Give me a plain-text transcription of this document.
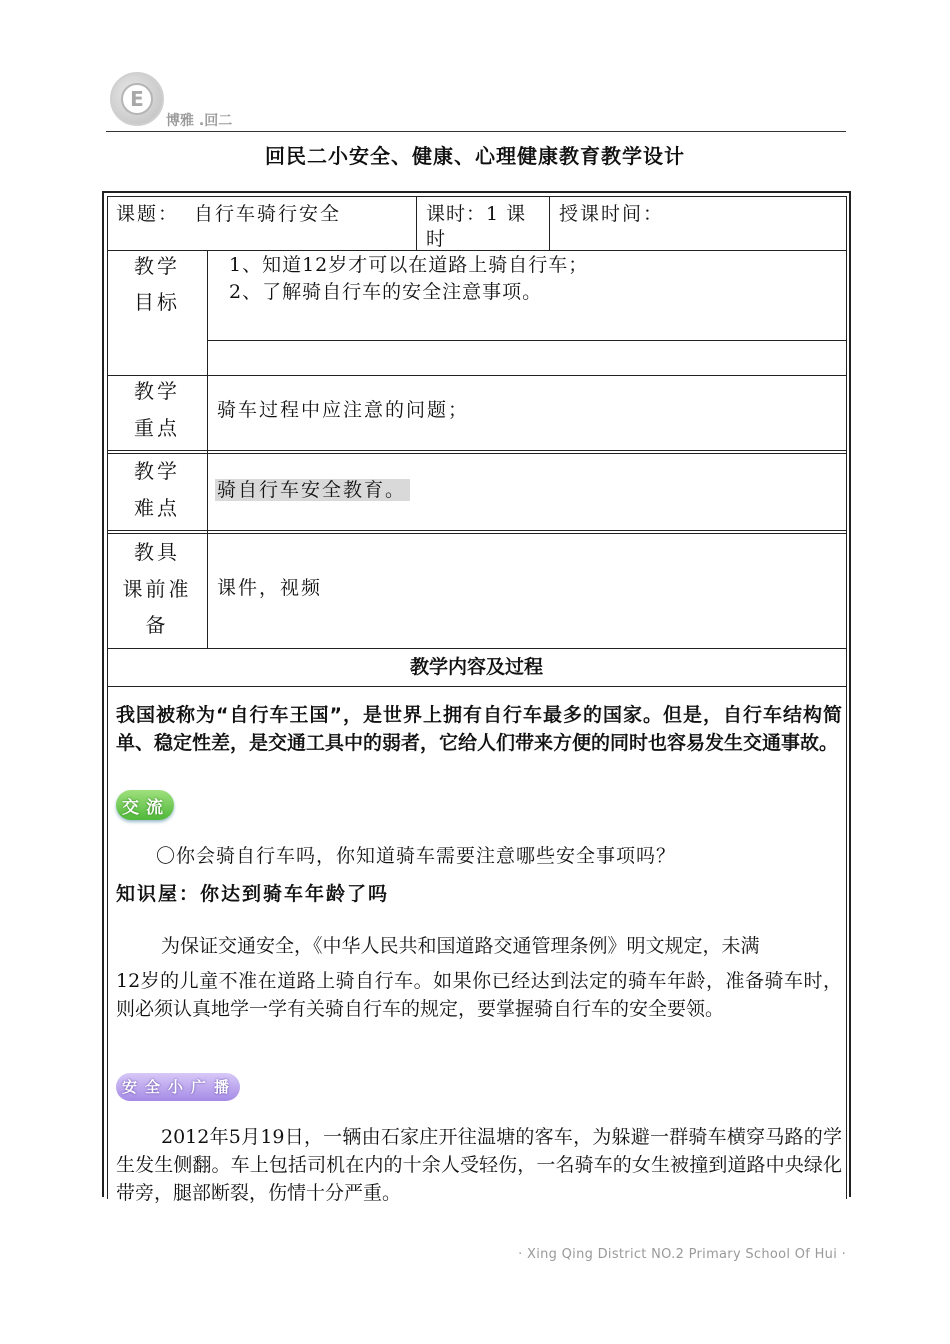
E
博雅 .回二
回民二小安全、健康、心理健康教育教学设计
课题： 自行车骑行安全	课时：1 课
时
授课时间：
教学
目标
1、知道12岁才可以在道路上骑自行车；
2、了解骑自行车的安全注意事项。
教学
重点
骑车过程中应注意的问题；
教学
难点
骑自行车安全教育。
教具
课前准
备
课件，视频
教学内容及过程
我国被称为“自行车王国”，是世界上拥有自行车最多的国家。但是，自行车结构简单、稳定性差，是交通工具中的弱者，它给人们带来方便的同时也容易发生交通事故。
交 流
〇你会骑自行车吗，你知道骑车需要注意哪些安全事项吗？
知识屋：你达到骑车年龄了吗
为保证交通安全，《中华人民共和国道路交通管理条例》明文规定，未满
12岁的儿童不准在道路上骑自行车。如果你已经达到法定的骑车年龄，准备骑车时，则必须认真地学一学有关骑自行车的规定，要掌握骑自行车的安全要领。
安 全 小 广 播
2012年5月19日，一辆由石家庄开往温塘的客车，为躲避一群骑车横穿马路的学生发生侧翻。车上包括司机在内的十余人受轻伤，一名骑车的女生被撞到道路中央绿化带旁，腿部断裂，伤情十分严重。
· Xing Qing District NO.2 Primary School Of Hui ·
